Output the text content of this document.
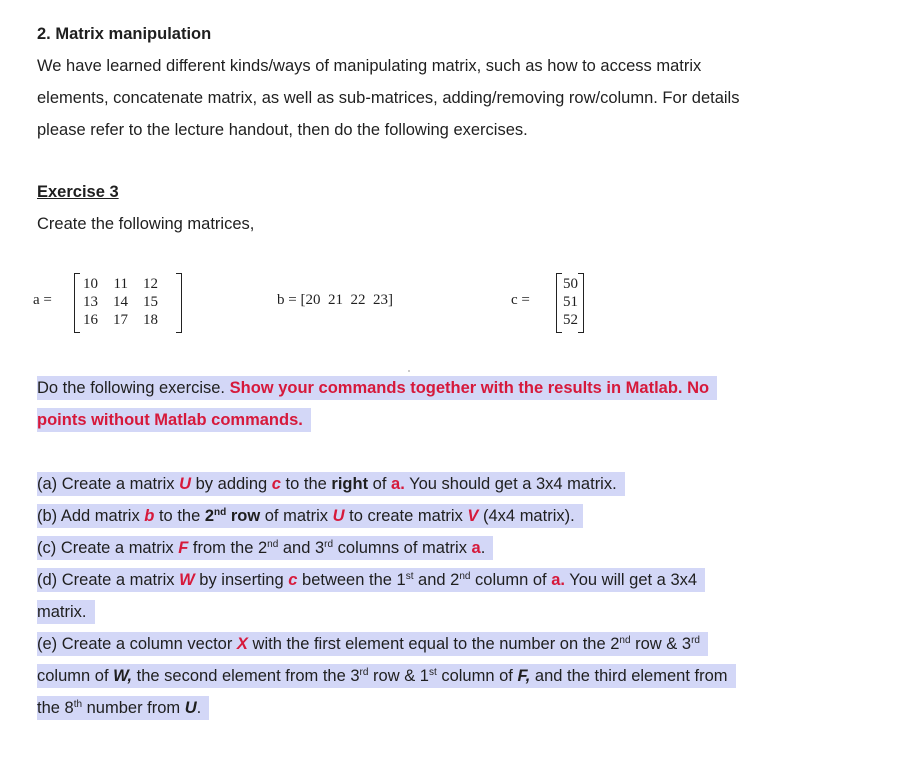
2. Matrix manipulation
We have learned different kinds/ways of manipulating matrix, such as how to access matrix
elements, concatenate matrix, as well as sub-matrices, adding/removing row/column. For details
please refer to the lecture handout, then do the following exercises.
Exercise 3
Create the following matrices,
a =
10	11	12
13	14	15
16	17	18
b = [20  21  22  23]	c =
50
51
52
Do the following exercise. Show your commands together with the results in Matlab. No
points without Matlab commands.
(a) Create a matrix U by adding c to the right of a. You should get a 3x4 matrix.
(b) Add matrix b to the 2nd row of matrix U to create matrix V (4x4 matrix).
(c) Create a matrix F from the 2nd and 3rd columns of matrix a.
(d) Create a matrix W by inserting c between the 1st and 2nd column of a. You will get a 3x4
matrix.
(e) Create a column vector X with the first element equal to the number on the 2nd row & 3rd
column of W, the second element from the 3rd row & 1st column of F, and the third element from
the 8th number from U.
